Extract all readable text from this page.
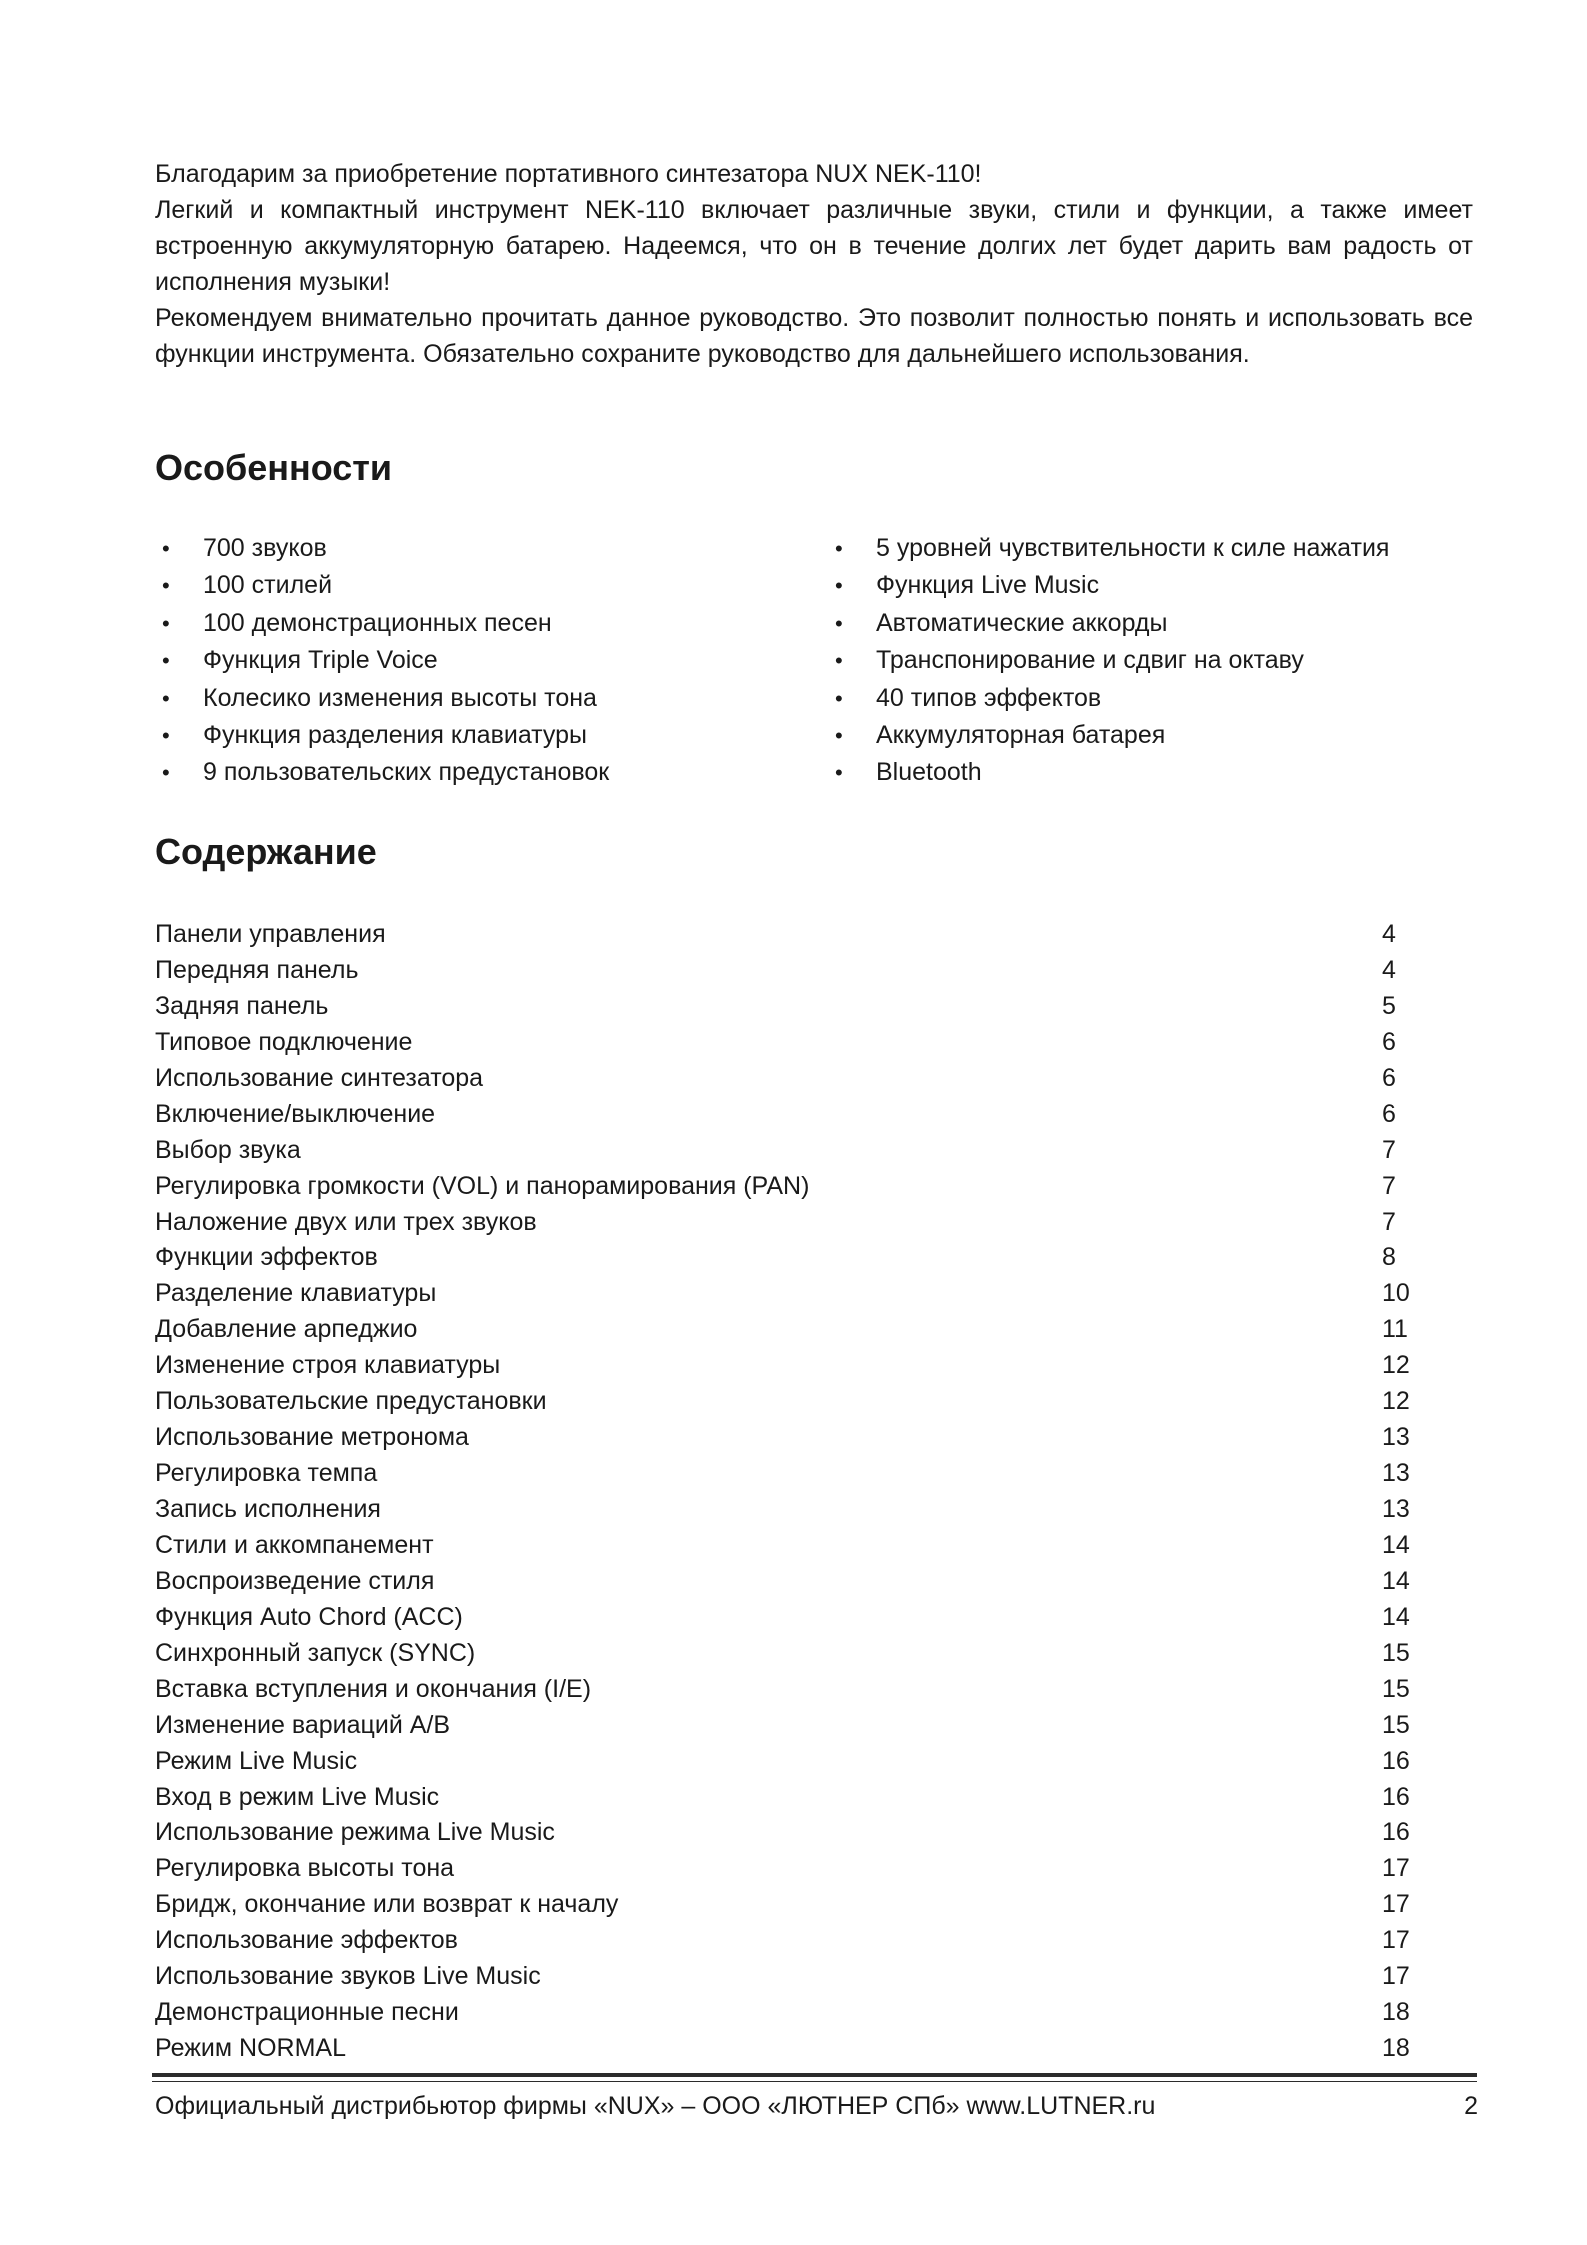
Благодарим за приобретение портативного синтезатора NUX NEK-110!

Легкий и компактный инструмент NEK-110 включает различные звуки, стили и функции, а также имеет встроенную аккумуляторную батарею. Надеемся, что он в течение долгих лет будет дарить вам радость от исполнения музыки!

Рекомендуем внимательно прочитать данное руководство. Это позволит полностью понять и использовать все функции инструмента. Обязательно сохраните руководство для дальнейшего использования.

Особенности
• 700 звуков
• 100 стилей
• 100 демонстрационных песен
• Функция Triple Voice
• Колесико изменения высоты тона
• Функция разделения клавиатуры
• 9 пользовательских предустановок
• 5 уровней чувствительности к силе нажатия
• Функция Live Music
• Автоматические аккорды
• Транспонирование и сдвиг на октаву
• 40 типов эффектов
• Аккумуляторная батарея
• Bluetooth
Содержание
Панели управления	4
Передняя панель	4
Задняя панель	5
Типовое подключение	6
Использование синтезатора	6
Включение/выключение	6
Выбор звука	7
Регулировка громкости (VOL) и панорамирования (PAN)	7
Наложение двух или трех звуков	7
Функции эффектов	8
Разделение клавиатуры	10
Добавление арпеджио	11
Изменение строя клавиатуры	12
Пользовательские предустановки	12
Использование метронома	13
Регулировка темпа	13
Запись исполнения	13
Стили и аккомпанемент	14
Воспроизведение стиля	14
Функция Auto Chord (ACC)	14
Синхронный запуск (SYNC)	15
Вставка вступления и окончания (I/E)	15
Изменение вариаций A/B	15
Режим Live Music	16
Вход в режим Live Music	16
Использование режима Live Music	16
Регулировка высоты тона	17
Бридж, окончание или возврат к началу	17
Использование эффектов	17
Использование звуков Live Music	17
Демонстрационные песни	18
Режим NORMAL	18
Официальный дистрибьютор фирмы «NUX» – ООО «ЛЮТНЕР СПб» www.LUTNER.ru	2
